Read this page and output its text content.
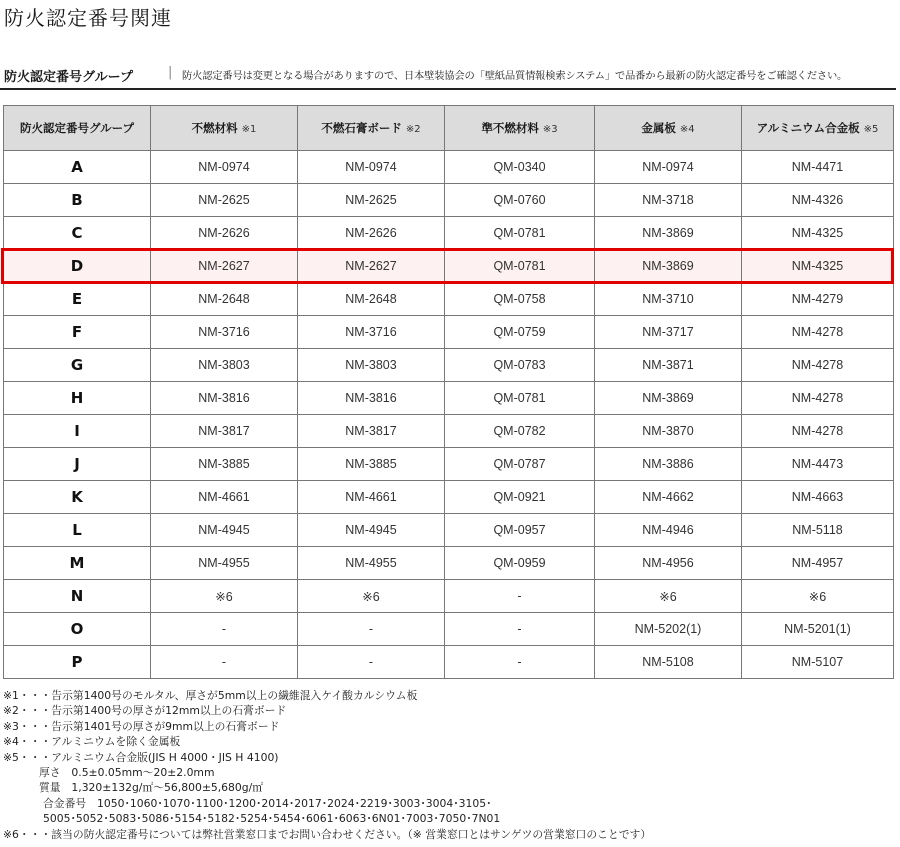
防火認定番号関連
防火認定番号グループ	| 防火認定番号は変更となる場合がありますので、日本壁装協会の「壁紙品質情報検索システム」で品番から最新の防火認定番号をご確認ください。
防火認定番号グループ	不燃材料 ※1	不燃石膏ボード ※2	準不燃材料 ※3	金属板 ※4	アルミニウム合金板 ※5
A	NM-0974	NM-0974	QM-0340	NM-0974	NM-4471
B	NM-2625	NM-2625	QM-0760	NM-3718	NM-4326
C	NM-2626	NM-2626	QM-0781	NM-3869	NM-4325
D	NM-2627	NM-2627	QM-0781	NM-3869	NM-4325
E	NM-2648	NM-2648	QM-0758	NM-3710	NM-4279
F	NM-3716	NM-3716	QM-0759	NM-3717	NM-4278
G	NM-3803	NM-3803	QM-0783	NM-3871	NM-4278
H	NM-3816	NM-3816	QM-0781	NM-3869	NM-4278
I	NM-3817	NM-3817	QM-0782	NM-3870	NM-4278
J	NM-3885	NM-3885	QM-0787	NM-3886	NM-4473
K	NM-4661	NM-4661	QM-0921	NM-4662	NM-4663
L	NM-4945	NM-4945	QM-0957	NM-4946	NM-5118
M	NM-4955	NM-4955	QM-0959	NM-4956	NM-4957
N	※6	※6	-	※6	※6
O	-	-	-	NM-5202(1)	NM-5201(1)
P	-	-	-	NM-5108	NM-5107
※1・・・告示第1400号のモルタル、厚さが5mm以上の繊維混入ケイ酸カルシウム板
※2・・・告示第1400号の厚さが12mm以上の石膏ボード
※3・・・告示第1401号の厚さが9mm以上の石膏ボード
※4・・・アルミニウムを除く金属板
※5・・・アルミニウム合金版(JIS H 4000・JIS H 4100)
厚さ　0.5±0.05mm〜20±2.0mm
質量　1,320±132g/㎡〜56,800±5,680g/㎡
合金番号　1050･1060･1070･1100･1200･2014･2017･2024･2219･3003･3004･3105･
5005･5052･5083･5086･5154･5182･5254･5454･6061･6063･6N01･7003･7050･7N01
※6・・・該当の防火認定番号については弊社営業窓口までお問い合わせください。（※ 営業窓口とはサンゲツの営業窓口のことです）
